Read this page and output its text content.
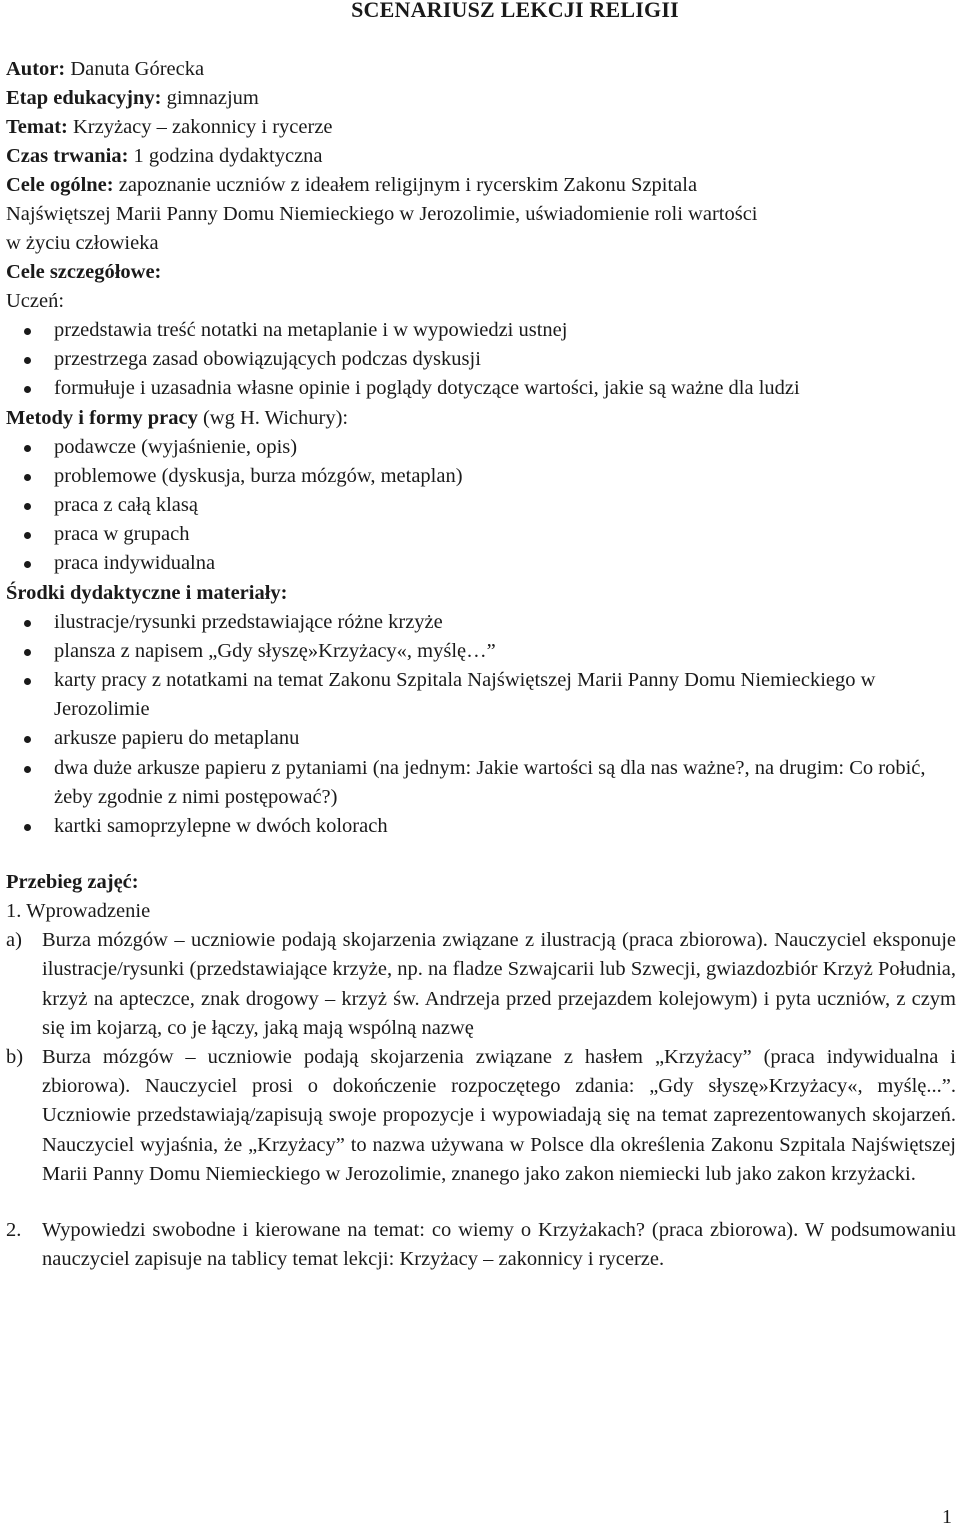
SCENARIUSZ LEKCJI RELIGII

Autor: Danuta Górecka

Etap edukacyjny: gimnazjum

Temat: Krzyżacy – zakonnicy i rycerze

Czas trwania: 1 godzina dydaktyczna

Cele ogólne: zapoznanie uczniów z ideałem religijnym i rycerskim Zakonu Szpitala

Najświętszej Marii Panny Domu Niemieckiego w Jerozolimie, uświadomienie roli wartości

w życiu człowieka

Cele szczegółowe:

Uczeń:

przedstawia treść notatki na metaplanie i w wypowiedzi ustnej
przestrzega zasad obowiązujących podczas dyskusji
formułuje i uzasadnia własne opinie i poglądy dotyczące wartości, jakie są ważne dla ludzi

Metody i formy pracy (wg H. Wichury):

podawcze (wyjaśnienie, opis)
problemowe (dyskusja, burza mózgów, metaplan)
praca z całą klasą
praca w grupach
praca indywidualna

Środki dydaktyczne i materiały:

ilustracje/rysunki przedstawiające różne krzyże
plansza z napisem „Gdy słyszę»Krzyżacy«, myślę…”
karty pracy z notatkami na temat Zakonu Szpitala Najświętszej Marii Panny Domu Niemieckiego w Jerozolimie
arkusze papieru do metaplanu
dwa duże arkusze papieru z pytaniami (na jednym: Jakie wartości są dla nas ważne?, na drugim: Co robić, żeby zgodnie z nimi postępować?)
kartki samoprzylepne w dwóch kolorach

Przebieg zajęć:

1. Wprowadzenie

a) Burza mózgów – uczniowie podają skojarzenia związane z ilustracją (praca zbiorowa). Nauczyciel eksponuje ilustracje/rysunki (przedstawiające krzyże, np. na fladze Szwajcarii lub Szwecji, gwiazdozbiór Krzyż Południa, krzyż na apteczce, znak drogowy – krzyż św. Andrzeja przed przejazdem kolejowym) i pyta uczniów, z czym się im kojarzą, co je łączy, jaką mają wspólną nazwę
b) Burza mózgów – uczniowie podają skojarzenia związane z hasłem „Krzyżacy” (praca indywidualna i zbiorowa). Nauczyciel prosi o dokończenie rozpoczętego zdania: „Gdy słyszę»Krzyżacy«, myślę...”. Uczniowie przedstawiają/zapisują swoje propozycje i wypowiadają się na temat zaprezentowanych skojarzeń. Nauczyciel wyjaśnia, że „Krzyżacy” to nazwa używana w Polsce dla określenia Zakonu Szpitala Najświętszej Marii Panny Domu Niemieckiego w Jerozolimie, znanego jako zakon niemiecki lub jako zakon krzyżacki.
2.	Wypowiedzi swobodne i kierowane na temat: co wiemy o Krzyżakach? (praca zbiorowa). W podsumowaniu nauczyciel zapisuje na tablicy temat lekcji: Krzyżacy – zakonnicy i rycerze.
1
